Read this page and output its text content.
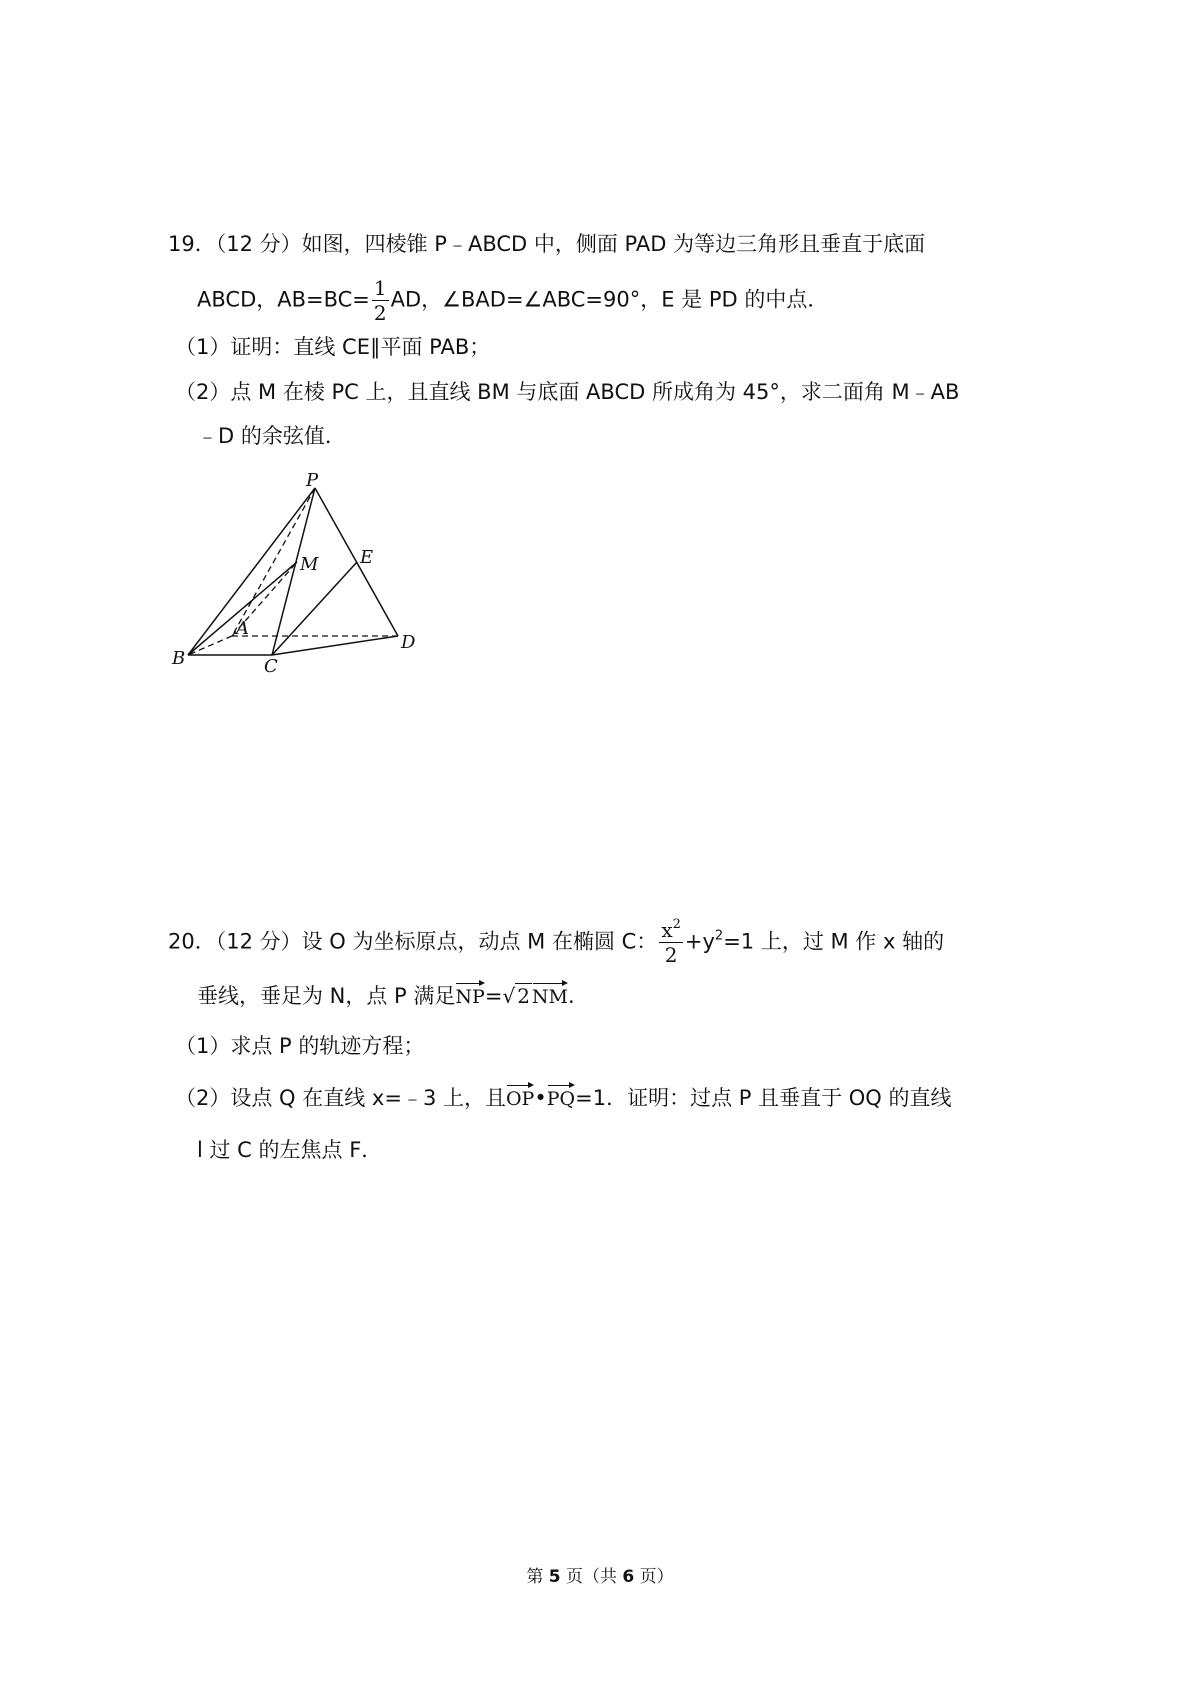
19．（12 分）如图，四棱锥 P﹣ABCD 中，侧面 PAD 为等边三角形且垂直于底面
ABCD，$AB=BC= \frac{1}{2}$ AD，∠BAD=∠ABC=90°，E 是 PD 的中点．
（1）证明：直线 CE∥平面 PAB；
（2）点 M 在棱 PC 上，且直线 BM 与底面 ABCD 所成角为 45°，求二面角 M﹣AB
﹣D 的余弦值．
P
M E
A
B	C
D
20．（12 分）设 O 为坐标原点，动点 M 在椭圆 C： $\frac{x^2}{2} +y^2=1$ 上，过 M 作 x 轴的
垂线，垂足为 N，点 P 满足NP=√ 2 NM.
（1）求点 P 的轨迹方程；
（2）设点 Q 在直线 x=﹣3 上，且OP•PQ=1．证明：过点 P 且垂直于 OQ 的直线
l 过 C 的左焦点 F．
第 5 页（共 6 页）
